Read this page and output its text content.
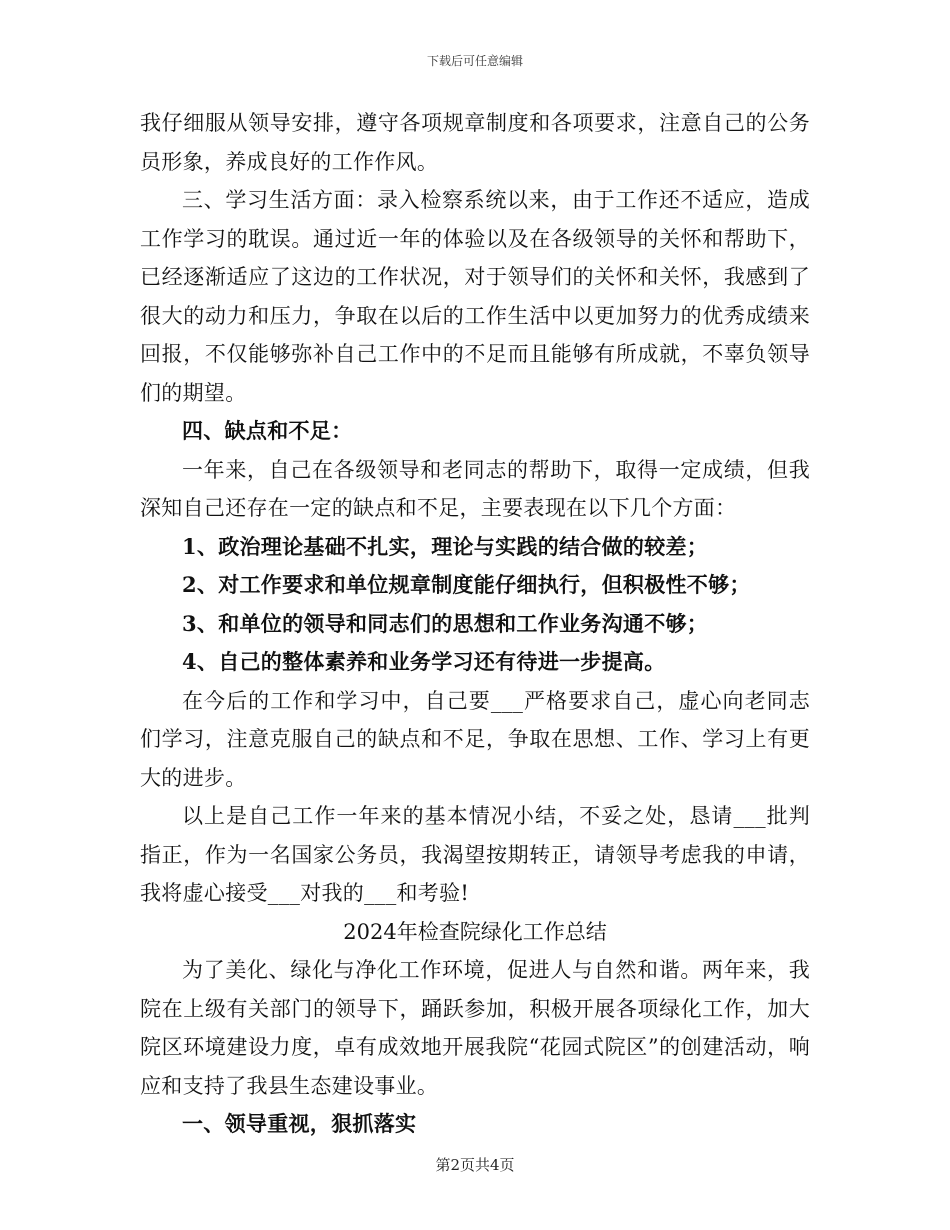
下载后可任意编辑

我仔细服从领导安排，遵守各项规章制度和各项要求，注意自己的公务员形象，养成良好的工作作风。

三、学习生活方面：录入检察系统以来，由于工作还不适应，造成工作学习的耽误。通过近一年的体验以及在各级领导的关怀和帮助下，已经逐渐适应了这边的工作状况，对于领导们的关怀和关怀，我感到了很大的动力和压力，争取在以后的工作生活中以更加努力的优秀成绩来回报，不仅能够弥补自己工作中的不足而且能够有所成就，不辜负领导们的期望。

四、缺点和不足：

一年来，自己在各级领导和老同志的帮助下，取得一定成绩，但我深知自己还存在一定的缺点和不足，主要表现在以下几个方面：

1、政治理论基础不扎实，理论与实践的结合做的较差；

2、对工作要求和单位规章制度能仔细执行，但积极性不够；

3、和单位的领导和同志们的思想和工作业务沟通不够；

4、自己的整体素养和业务学习还有待进一步提高。

在今后的工作和学习中，自己要___严格要求自己，虚心向老同志们学习，注意克服自己的缺点和不足，争取在思想、工作、学习上有更大的进步。

以上是自己工作一年来的基本情况小结，不妥之处，恳请___批判指正，作为一名国家公务员，我渴望按期转正，请领导考虑我的申请，我将虚心接受___对我的___和考验!

2024年检查院绿化工作总结

为了美化、绿化与净化工作环境，促进人与自然和谐。两年来，我院在上级有关部门的领导下，踊跃参加，积极开展各项绿化工作，加大院区环境建设力度，卓有成效地开展我院“花园式院区”的创建活动，响应和支持了我县生态建设事业。

一、领导重视，狠抓落实

第2页共4页
